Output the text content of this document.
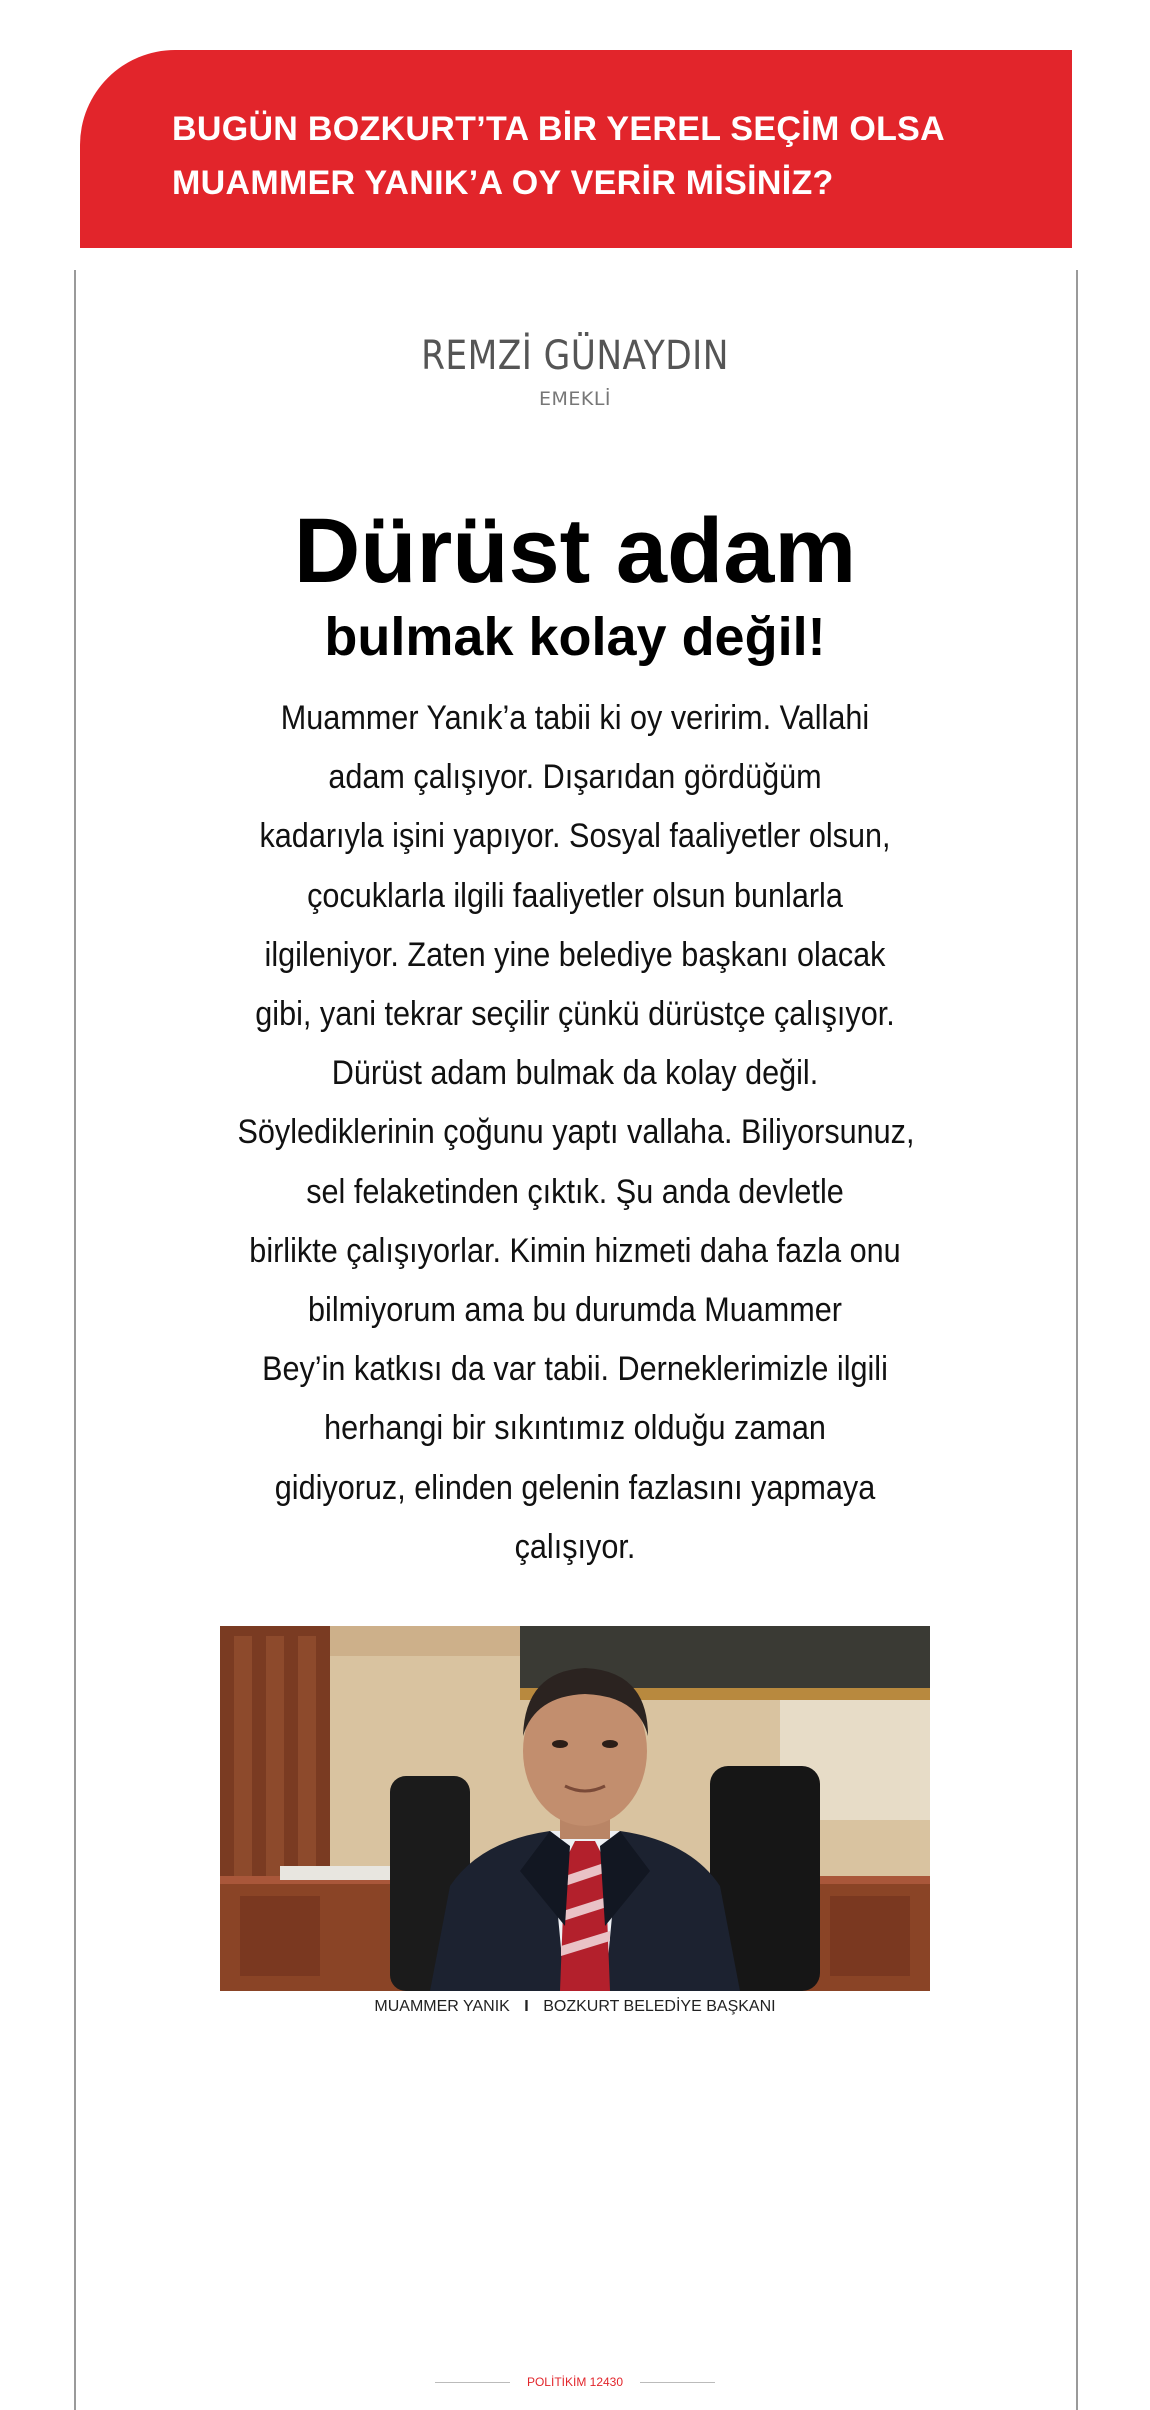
BUGÜN BOZKURT’TA BİR YEREL SEÇİM OLSA
MUAMMER YANIK’A OY VERİR MİSİNİZ?
REMZİ GÜNAYDIN
EMEKLİ
Dürüst adam
bulmak kolay değil!
Muammer Yanık’a tabii ki oy veririm. Vallahi
adam çalışıyor. Dışarıdan gördüğüm
kadarıyla işini yapıyor. Sosyal faaliyetler olsun,
çocuklarla ilgili faaliyetler olsun bunlarla
ilgileniyor. Zaten yine belediye başkanı olacak
gibi, yani tekrar seçilir çünkü dürüstçe çalışıyor.
Dürüst adam bulmak da kolay değil.
Söylediklerinin çoğunu yaptı vallaha. Biliyorsunuz,
sel felaketinden çıktık. Şu anda devletle
birlikte çalışıyorlar. Kimin hizmeti daha fazla onu
bilmiyorum ama bu durumda Muammer
Bey’in katkısı da var tabii. Derneklerimizle ilgili
herhangi bir sıkıntımız olduğu zaman
gidiyoruz, elinden gelenin fazlasını yapmaya
çalışıyor.
MUAMMER YANIK I BOZKURT BELEDİYE BAŞKANI
POLİTİKİM 12430
